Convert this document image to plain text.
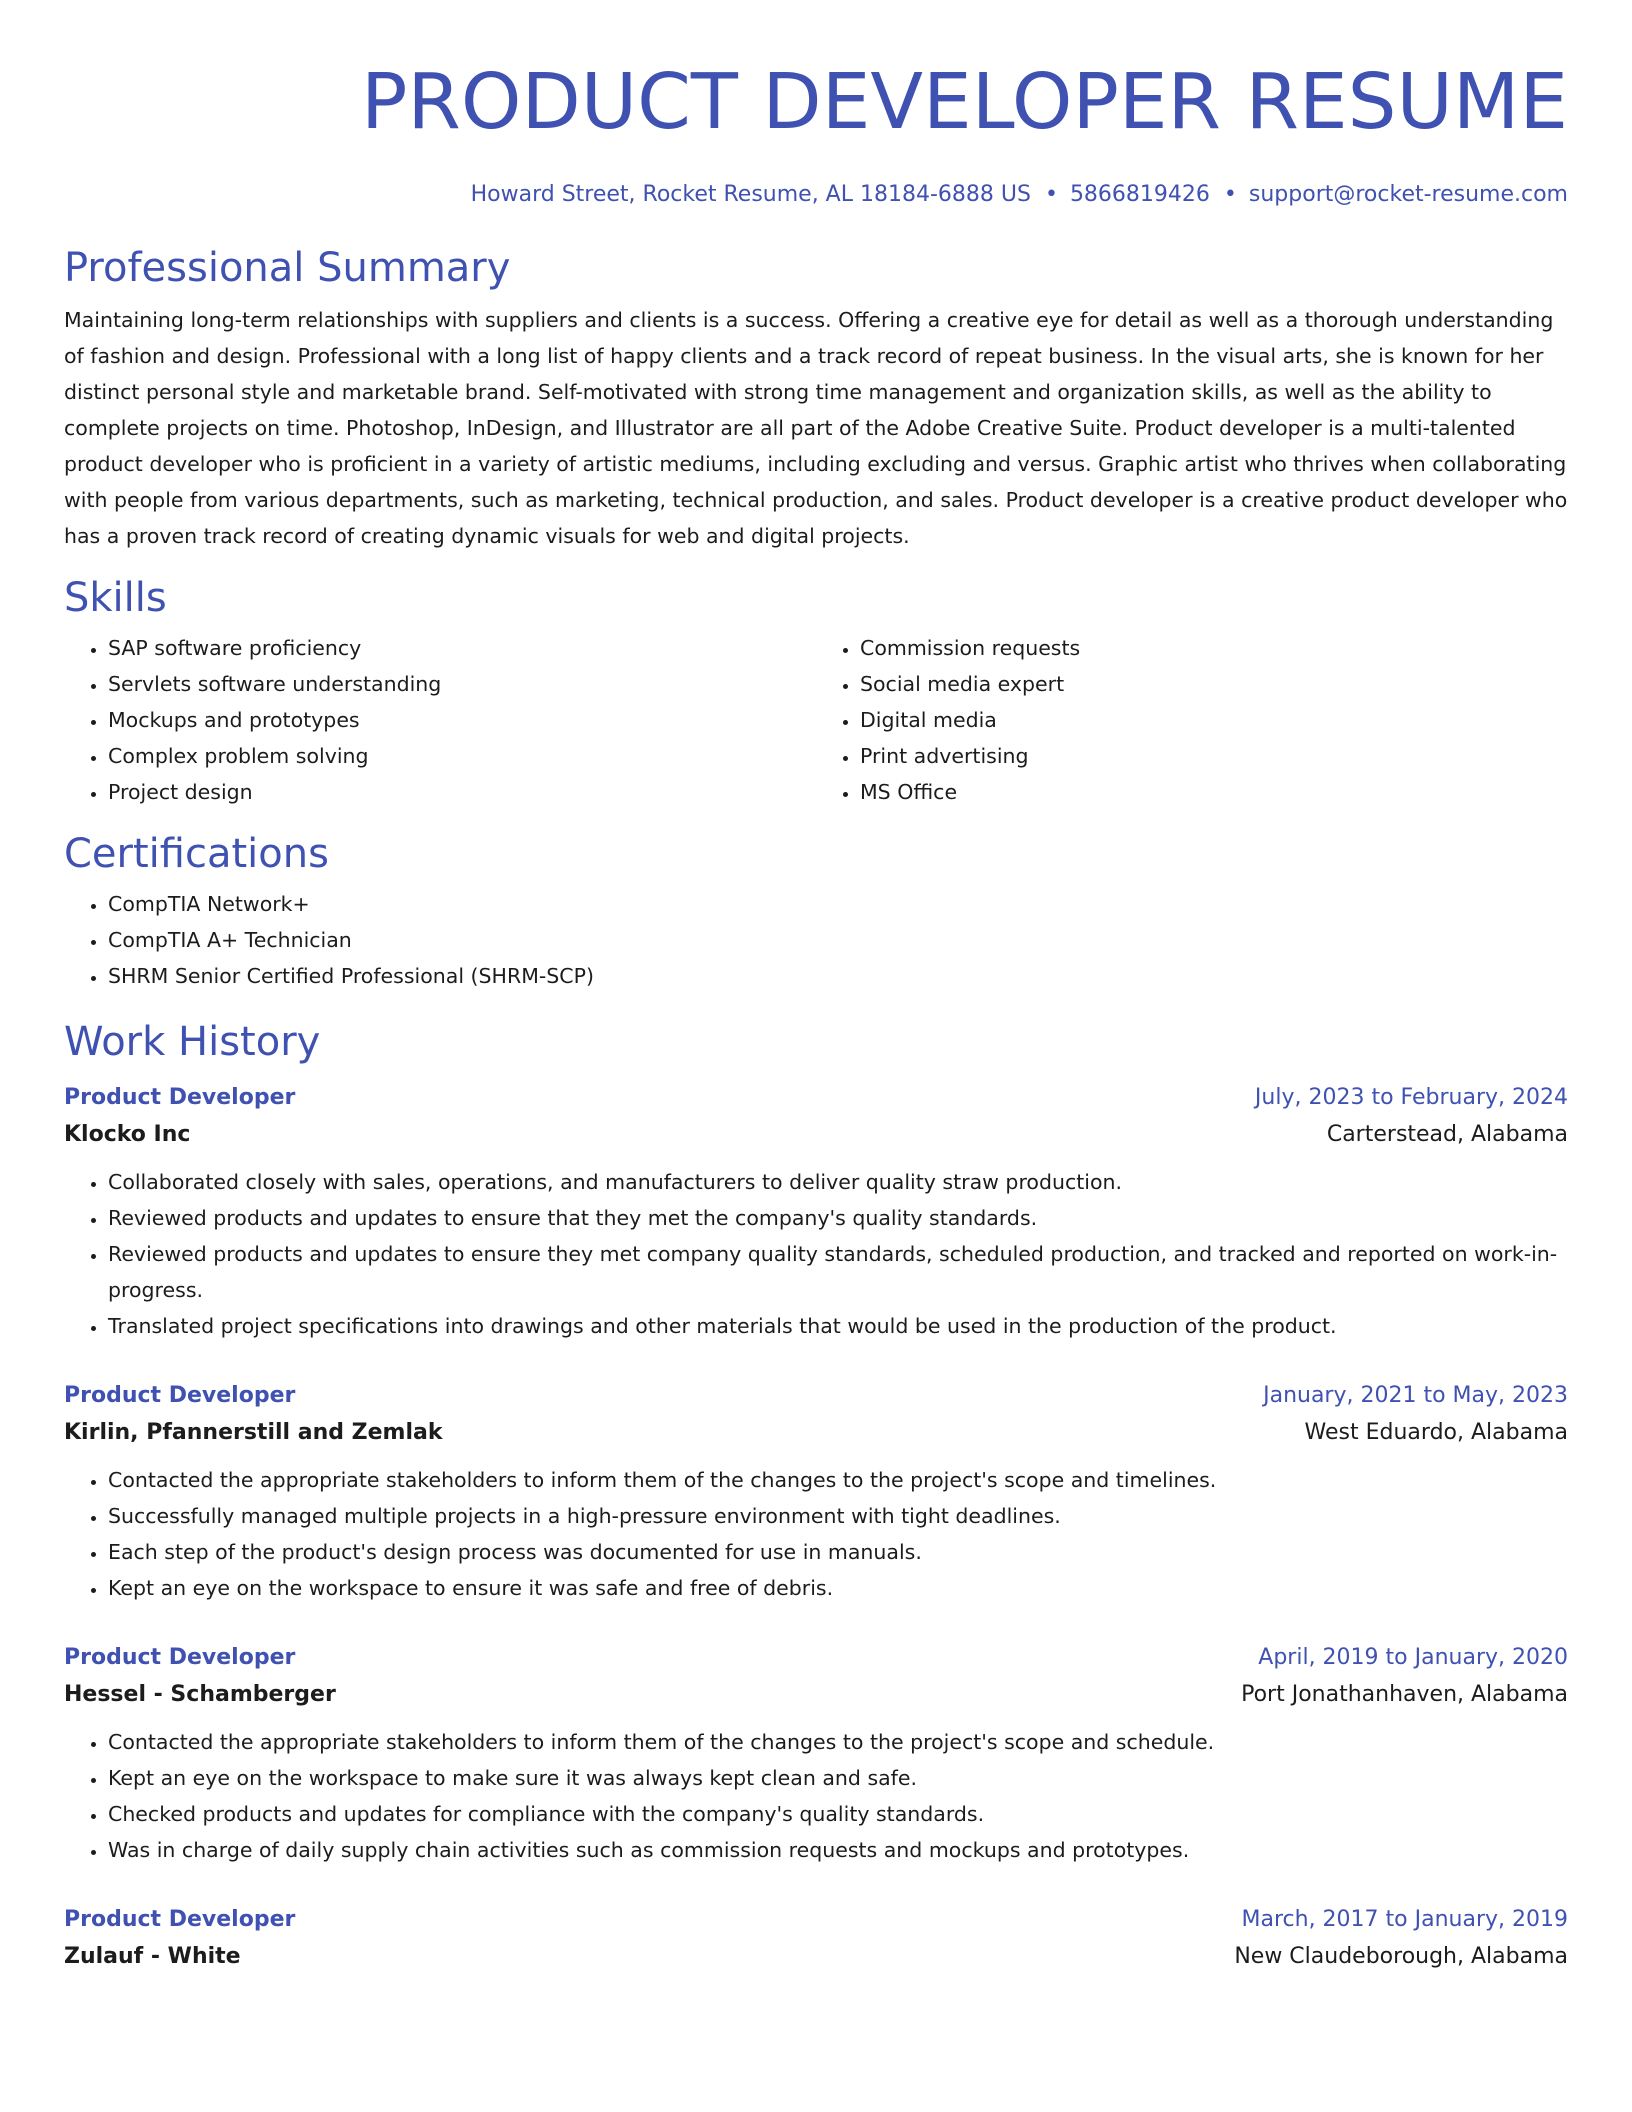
PRODUCT DEVELOPER RESUME
Howard Street, Rocket Resume, AL 18184-6888 US • 5866819426 • support@rocket-resume.com
Professional Summary
Maintaining long-term relationships with suppliers and clients is a success. Offering a creative eye for detail as well as a thorough understanding of fashion and design. Professional with a long list of happy clients and a track record of repeat business. In the visual arts, she is known for her distinct personal style and marketable brand. Self-motivated with strong time management and organization skills, as well as the ability to complete projects on time. Photoshop, InDesign, and Illustrator are all part of the Adobe Creative Suite. Product developer is a multi-talented product developer who is proficient in a variety of artistic mediums, including excluding and versus. Graphic artist who thrives when collaborating with people from various departments, such as marketing, technical production, and sales. Product developer is a creative product developer who has a proven track record of creating dynamic visuals for web and digital projects.
Skills
• SAP software proficiency
• Servlets software understanding
• Mockups and prototypes
• Complex problem solving
• Project design
• Commission requests
• Social media expert
• Digital media
• Print advertising
• MS Office
Certifications
• CompTIA Network+
• CompTIA A+ Technician
• SHRM Senior Certified Professional (SHRM-SCP)
Work History
Product Developer	July, 2023 to February, 2024
Klocko Inc	Carterstead, Alabama
• Collaborated closely with sales, operations, and manufacturers to deliver quality straw production.
• Reviewed products and updates to ensure that they met the company's quality standards.
• Reviewed products and updates to ensure they met company quality standards, scheduled production, and tracked and reported on work-in-progress.
• Translated project specifications into drawings and other materials that would be used in the production of the product.
Product Developer	January, 2021 to May, 2023
Kirlin, Pfannerstill and Zemlak	West Eduardo, Alabama
• Contacted the appropriate stakeholders to inform them of the changes to the project's scope and timelines.
• Successfully managed multiple projects in a high-pressure environment with tight deadlines.
• Each step of the product's design process was documented for use in manuals.
• Kept an eye on the workspace to ensure it was safe and free of debris.
Product Developer	April, 2019 to January, 2020
Hessel - Schamberger	Port Jonathanhaven, Alabama
• Contacted the appropriate stakeholders to inform them of the changes to the project's scope and schedule.
• Kept an eye on the workspace to make sure it was always kept clean and safe.
• Checked products and updates for compliance with the company's quality standards.
• Was in charge of daily supply chain activities such as commission requests and mockups and prototypes.
Product Developer	March, 2017 to January, 2019
Zulauf - White	New Claudeborough, Alabama
